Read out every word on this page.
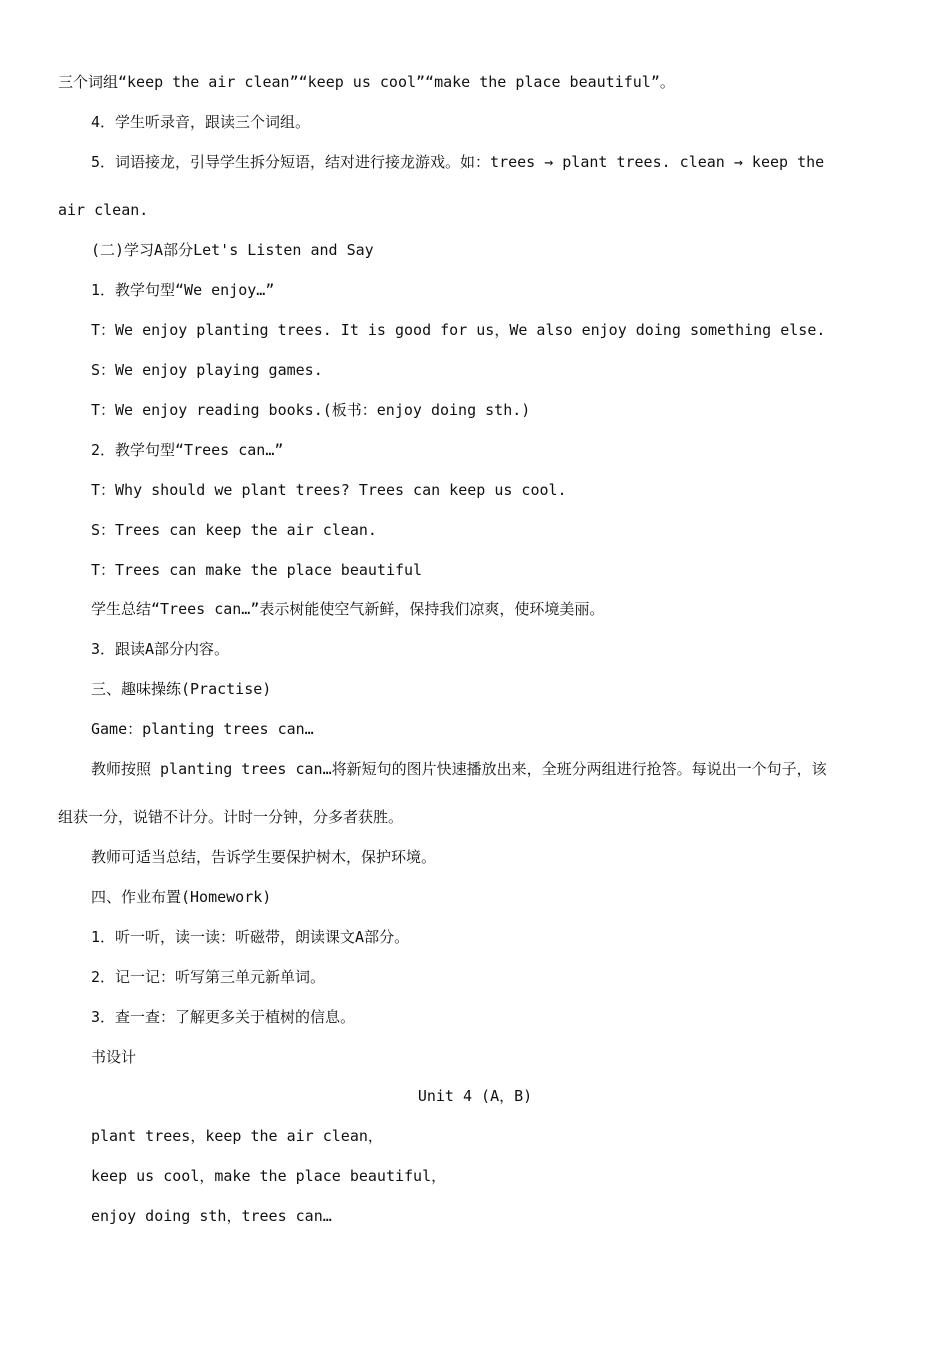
三个词组“keep the air clean”“keep us cool”“make the place beautiful”。
4．学生听录音，跟读三个词组。
5．词语接龙，引导学生拆分短语，结对进行接龙游戏。如：trees → plant trees. clean → keep the
air clean.
(二)学习A部分Let's Listen and Say
1．教学句型“We enjoy…”
T：We enjoy planting trees. It is good for us，We also enjoy doing something else.
S：We enjoy playing games.
T：We enjoy reading books.(板书：enjoy doing sth.)
2．教学句型“Trees can…”
T：Why should we plant trees? Trees can keep us cool.
S：Trees can keep the air clean.
T：Trees can make the place beautiful
学生总结“Trees can…”表示树能使空气新鲜，保持我们凉爽，使环境美丽。
3．跟读A部分内容。
三、趣味操练(Practise)
Game：planting trees can…
教师按照 planting trees can…将新短句的图片快速播放出来，全班分两组进行抢答。每说出一个句子，该
组获一分，说错不计分。计时一分钟，分多者获胜。
教师可适当总结，告诉学生要保护树木，保护环境。
四、作业布置(Homework)
1．听一听，读一读：听磁带，朗读课文A部分。
2．记一记：听写第三单元新单词。
3．查一查：了解更多关于植树的信息。
书设计
Unit 4 (A，B)
plant trees，keep the air clean，
keep us cool，make the place beautiful，
enjoy doing sth，trees can…
